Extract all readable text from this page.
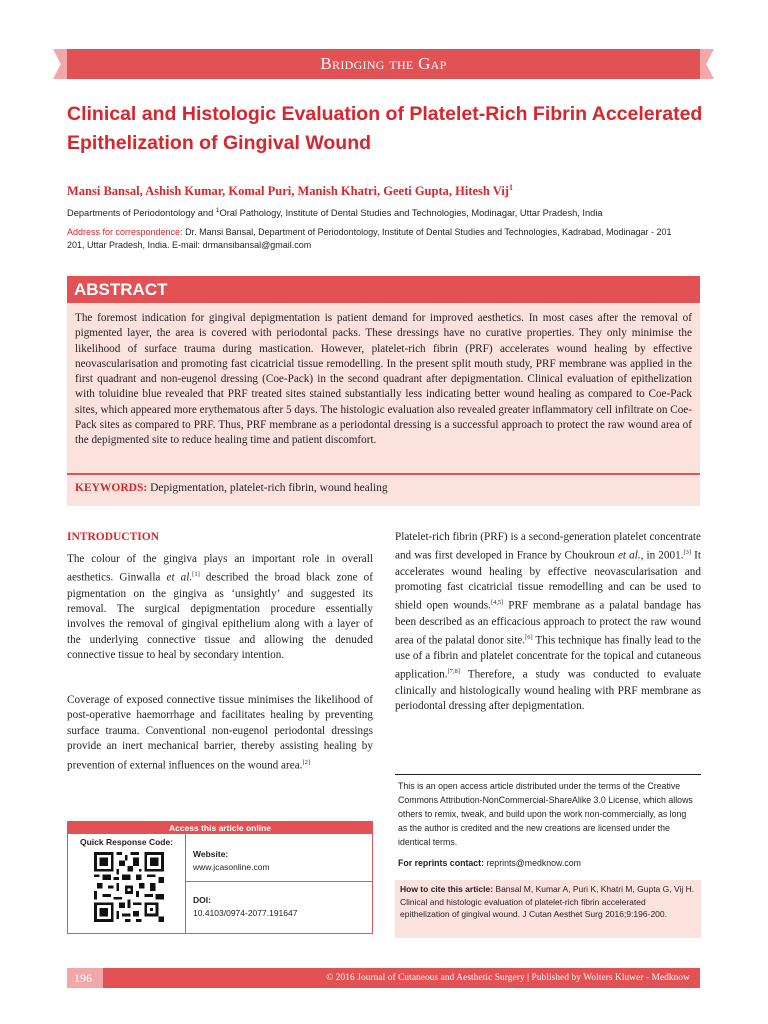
Bridging the Gap
Clinical and Histologic Evaluation of Platelet-Rich Fibrin Accelerated Epithelization of Gingival Wound
Mansi Bansal, Ashish Kumar, Komal Puri, Manish Khatri, Geeti Gupta, Hitesh Vij$^1$
Departments of Periodontology and $^1$Oral Pathology, Institute of Dental Studies and Technologies, Modinagar, Uttar Pradesh, India
Address for correspondence: Dr. Mansi Bansal, Department of Periodontology, Institute of Dental Studies and Technologies, Kadrabad, Modinagar - 201 201, Uttar Pradesh, India. E-mail: drmansibansal@gmail.com
ABSTRACT
The foremost indication for gingival depigmentation is patient demand for improved aesthetics. In most cases after the removal of pigmented layer, the area is covered with periodontal packs. These dressings have no curative properties. They only minimise the likelihood of surface trauma during mastication. However, platelet-rich fibrin (PRF) accelerates wound healing by effective neovascularisation and promoting fast cicatricial tissue remodelling. In the present split mouth study, PRF membrane was applied in the first quadrant and non-eugenol dressing (Coe-Pack) in the second quadrant after depigmentation. Clinical evaluation of epithelization with toluidine blue revealed that PRF treated sites stained substantially less indicating better wound healing as compared to Coe-Pack sites, which appeared more erythematous after 5 days. The histologic evaluation also revealed greater inflammatory cell infiltrate on Coe-Pack sites as compared to PRF. Thus, PRF membrane as a periodontal dressing is a successful approach to protect the raw wound area of the depigmented site to reduce healing time and patient discomfort.
KEYWORDS: Depigmentation, platelet-rich fibrin, wound healing
INTRODUCTION
The colour of the gingiva plays an important role in overall aesthetics. Ginwalla et al.[1] described the broad black zone of pigmentation on the gingiva as ‘unsightly’ and suggested its removal. The surgical depigmentation procedure essentially involves the removal of gingival epithelium along with a layer of the underlying connective tissue and allowing the denuded connective tissue to heal by secondary intention.
Coverage of exposed connective tissue minimises the likelihood of post-operative haemorrhage and facilitates healing by preventing surface trauma. Conventional non-eugenol periodontal dressings provide an inert mechanical barrier, thereby assisting healing by prevention of external influences on the wound area.[2]
Platelet-rich fibrin (PRF) is a second-generation platelet concentrate and was first developed in France by Choukroun et al., in 2001.[3] It accelerates wound healing by effective neovascularisation and promoting fast cicatricial tissue remodelling and can be used to shield open wounds.[4,5] PRF membrane as a palatal bandage has been described as an efficacious approach to protect the raw wound area of the palatal donor site.[6] This technique has finally lead to the use of a fibrin and platelet concentrate for the topical and cutaneous application.[7,8] Therefore, a study was conducted to evaluate clinically and histologically wound healing with PRF membrane as periodontal dressing after depigmentation.
This is an open access article distributed under the terms of the Creative Commons Attribution-NonCommercial-ShareAlike 3.0 License, which allows others to remix, tweak, and build upon the work non-commercially, as long as the author is credited and the new creations are licensed under the identical terms.
For reprints contact: reprints@medknow.com
How to cite this article: Bansal M, Kumar A, Puri K, Khatri M, Gupta G, Vij H. Clinical and histologic evaluation of platelet-rich fibrin accelerated epithelization of gingival wound. J Cutan Aesthet Surg 2016;9:196-200.
Access this article online
Quick Response Code:
Website:
www.jcasonline.com
DOI:
10.4103/0974-2077.191647
196	© 2016 Journal of Cutaneous and Aesthetic Surgery | Published by Wolters Kluwer - Medknow
